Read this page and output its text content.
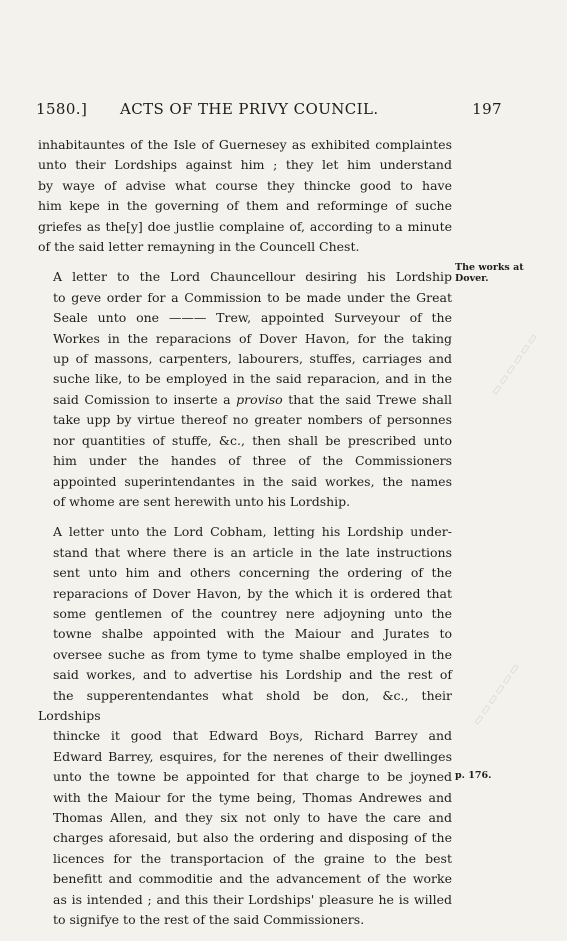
1580.] ACTS OF THE PRIVY COUNCIL.	197

inhabitauntes of the Isle of Guernesey as exhibited complaintes
unto their Lordships against him ; they let him understand
by waye of advise what course they thincke good to have
him kepe in the governing of them and reforminge of suche
griefes as the[y] doe justlie complaine of, according to a minute
of the said letter remayning in the Councell Chest.

A letter to the Lord Chauncellour desiring his Lordship
to geve order for a Commission to be made under the Great
Seale unto one ——— Trew, appointed Surveyour of the
Workes in the reparacions of Dover Havon, for the taking
up of massons, carpenters, labourers, stuffes, carriages and
suche like, to be employed in the said reparacion, and in the
said Comission to inserte a proviso that the said Trewe shall
take upp by virtue thereof no greater nombers of personnes
nor quantities of stuffe, &c., then shall be prescribed unto
him under the handes of three of the Commissioners
appointed superintendantes in the said workes, the names
of whome are sent herewith unto his Lordship.

A letter unto the Lord Cobham, letting his Lordship under-
stand that where there is an article in the late instructions
sent unto him and others concerning the ordering of the
reparacions of Dover Havon, by the which it is ordered that
some gentlemen of the countrey nere adjoyning unto the
towne shalbe appointed with the Maiour and Jurates to
oversee suche as from tyme to tyme shalbe employed in the
said workes, and to advertise his Lordship and the rest of
the supperentendantes what shold be don, &c., their Lordships
thincke it good that Edward Boys, Richard Barrey and
Edward Barrey, esquires, for the nerenes of their dwellinges
unto the towne be appointed for that charge to be joyned
with the Maiour for the tyme being, Thomas Andrewes and
Thomas Allen, and they six not only to have the care and
charges aforesaid, but also the ordering and disposing of the
licences for the transportacion of the graine to the best
benefitt and commoditie and the advancement of the worke
as is intended ; and this their Lordships' pleasure he is willed
to signifye to the rest of the said Commissioners.

The works at
Dover.
p. 176.
▭▭▭▭▭▭
▭▭▭▭▭▭
